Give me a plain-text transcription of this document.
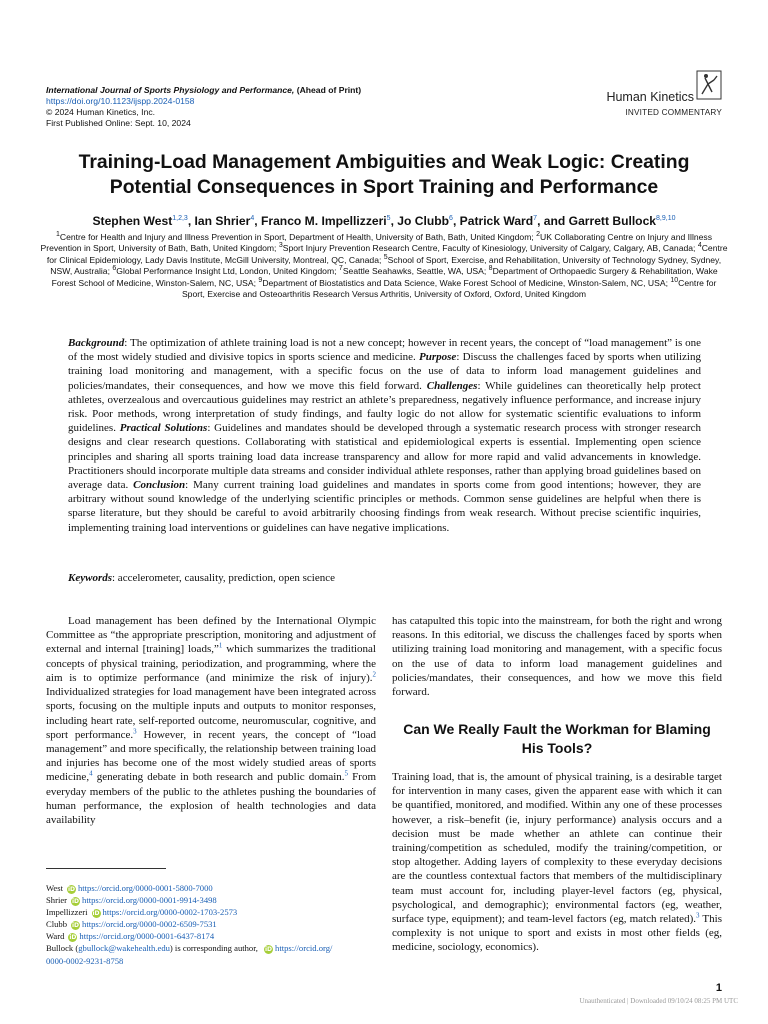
International Journal of Sports Physiology and Performance, (Ahead of Print)
https://doi.org/10.1123/ijspp.2024-0158
© 2024 Human Kinetics, Inc.
First Published Online: Sept. 10, 2024
Human Kinetics
INVITED COMMENTARY
Training-Load Management Ambiguities and Weak Logic: Creating Potential Consequences in Sport Training and Performance
Stephen West$^{1,2,3}$, Ian Shrier$^4$, Franco M. Impellizzeri$^5$, Jo Clubb$^6$, Patrick Ward$^7$, and Garrett Bullock$^{8,9,10}$
$^1$Centre for Health and Injury and Illness Prevention in Sport, Department of Health, University of Bath, Bath, United Kingdom; $^2$UK Collaborating Centre on Injury and Illness Prevention in Sport, University of Bath, Bath, United Kingdom; $^3$Sport Injury Prevention Research Centre, Faculty of Kinesiology, University of Calgary, Calgary, AB, Canada; $^4$Centre for Clinical Epidemiology, Lady Davis Institute, McGill University, Montreal, QC, Canada; $^5$School of Sport, Exercise, and Rehabilitation, University of Technology Sydney, Sydney, NSW, Australia; $^6$Global Performance Insight Ltd, London, United Kingdom; $^7$Seattle Seahawks, Seattle, WA, USA; $^8$Department of Orthopaedic Surgery & Rehabilitation, Wake Forest School of Medicine, Winston-Salem, NC, USA; $^9$Department of Biostatistics and Data Science, Wake Forest School of Medicine, Winston-Salem, NC, USA; $^{10}$Centre for Sport, Exercise and Osteoarthritis Research Versus Arthritis, University of Oxford, Oxford, United Kingdom
Background: The optimization of athlete training load is not a new concept; however in recent years, the concept of “load management” is one of the most widely studied and divisive topics in sports science and medicine. Purpose: Discuss the challenges faced by sports when utilizing training load monitoring and management, with a specific focus on the use of data to inform load management guidelines and policies/mandates, their consequences, and how we move this field forward. Challenges: While guidelines can theoretically help protect athletes, overzealous and overcautious guidelines may restrict an athlete’s preparedness, negatively influence performance, and increase injury risk. Poor methods, wrong interpretation of study findings, and faulty logic do not allow for systematic scientific evaluations to inform guidelines. Practical Solutions: Guidelines and mandates should be developed through a systematic research process with stronger research designs and clear research questions. Collaborating with statistical and epidemiological experts is essential. Implementing open science principles and sharing all sports training load data increase transparency and allow for more rapid and valid advancements in knowledge. Practitioners should incorporate multiple data streams and consider individual athlete responses, rather than applying broad guidelines based on average data. Conclusion: Many current training load guidelines and mandates in sports come from good intentions; however, they are arbitrary without sound knowledge of the underlying scientific principles or methods. Common sense guidelines are helpful when there is sparse literature, but they should be careful to avoid arbitrarily choosing findings from weak research. Without precise scientific inquiries, implementing training load interventions or guidelines can have negative implications.
Keywords: accelerometer, causality, prediction, open science

Load management has been defined by the International Olympic Committee as “the appropriate prescription, monitoring and adjustment of external and internal [training] loads,”$^1$ which summarizes the traditional concepts of physical training, periodization, and programming, where the aim is to optimize performance (and minimize the risk of injury).$^2$ Individualized strategies for load management have been integrated across sports, focusing on the multiple inputs and outputs to monitor responses, including heart rate, self-reported outcome, neuromuscular, cognitive, and sport performance.$^3$ However, in recent years, the concept of “load management” and more specifically, the relationship between training load and injuries has become one of the most widely studied areas of sports medicine,$^4$ generating debate in both research and public domain.$^5$ From everyday members of the public to the athletes pushing the boundaries of human performance, the explosion of health technologies and data availability

has catapulted this topic into the mainstream, for both the right and wrong reasons. In this editorial, we discuss the challenges faced by sports when utilizing training load monitoring and management, with a specific focus on the use of data to inform load management guidelines and policies/mandates, their consequences, and how we move this field forward.

Can We Really Fault the Workman for Blaming His Tools?

Training load, that is, the amount of physical training, is a desirable target for intervention in many cases, given the apparent ease with which it can be quantified, monitored, and modified. Within any one of these processes however, a risk–benefit (ie, injury performance) analysis occurs and a decision must be made whether an athlete can continue their training/competition as scheduled, modify the training/competition, or stop altogether. Adding layers of complexity to these everyday decisions are the countless contextual factors that members of the multidisciplinary team must account for, including player-level factors (eg, physical, psychological, and demographic); environmental factors (eg, weather, surface type, equipment); and team-level factors (eg, match related).$^3$ This complexity is not unique to sport and exists in most other fields (eg, medicine, sociology, economics).

West iD https://orcid.org/0000-0001-5800-7000
Shrier iD https://orcid.org/0000-0001-9914-3498
Impellizzeri iD https://orcid.org/0000-0002-1703-2573
Clubb iD https://orcid.org/0000-0002-6509-7531
Ward iD https://orcid.org/0000-0001-6437-8174
Bullock (gbullock@wakehealth.edu) is corresponding author, iD https://orcid.org/
0000-0002-9231-8758
1
Unauthenticated | Downloaded 09/10/24 08:25 PM UTC
